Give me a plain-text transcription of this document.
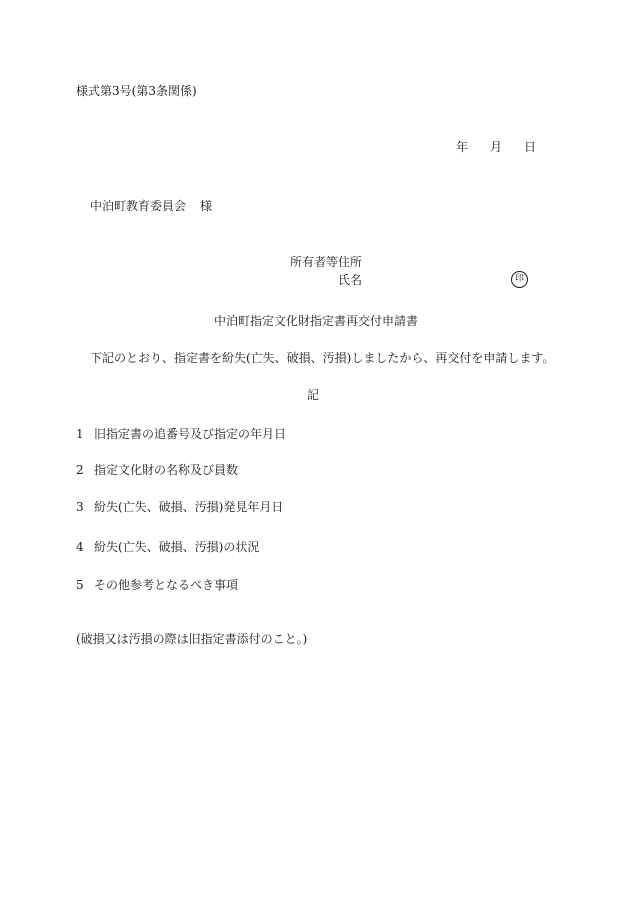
様式第3号(第3条関係)
年 月 日
中泊町教育委員会 様
所有者等住所
氏名	印
中泊町指定文化財指定書再交付申請書
下記のとおり、指定書を紛失(亡失、破損、汚損)しましたから、再交付を申請します。
記
1 旧指定書の追番号及び指定の年月日
2 指定文化財の名称及び員数
3 紛失(亡失、破損、汚損)発見年月日
4 紛失(亡失、破損、汚損)の状況
5 その他参考となるべき事項
(破損又は汚損の際は旧指定書添付のこと。)
